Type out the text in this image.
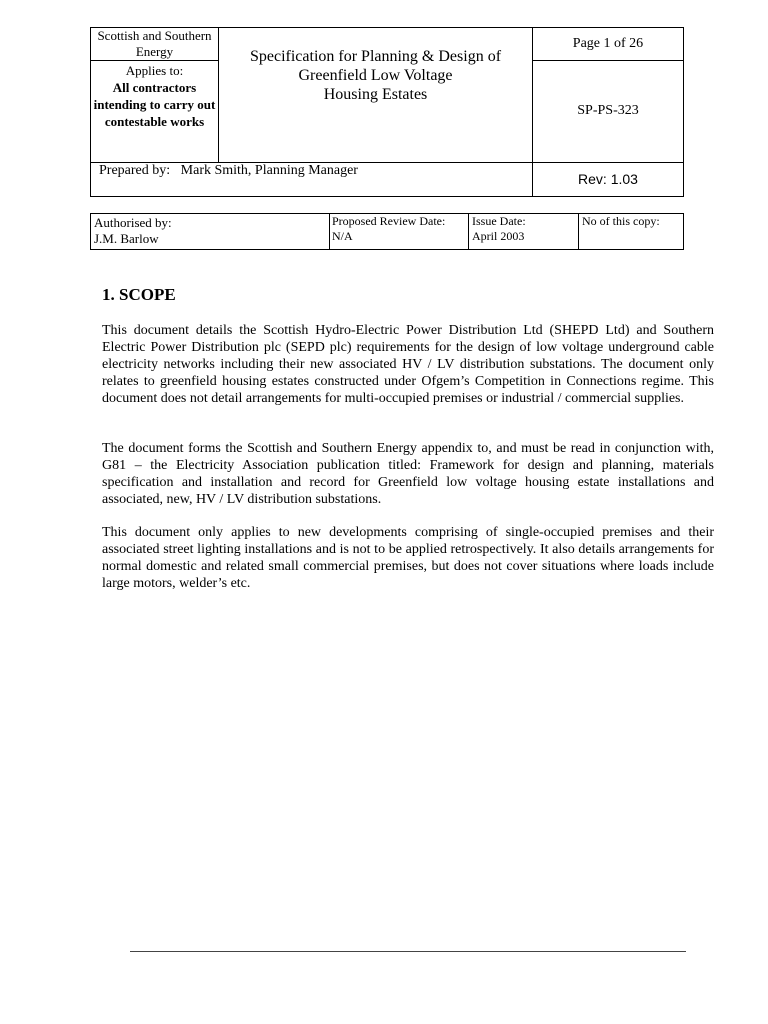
Scottish and Southern Energy	Specification for Planning & Design of
Greenfield Low Voltage
Housing Estates
Page 1 of 26
Applies to:
All contractors intending to carry out contestable works
SP-PS-323
Prepared by: Mark Smith, Planning Manager
Rev: 1.03
Authorised by:
J.M. Barlow
Proposed Review Date:
N/A
Issue Date:
April 2003
No of this copy:
1. SCOPE
This document details the Scottish Hydro-Electric Power Distribution Ltd (SHEPD Ltd) and Southern Electric Power Distribution plc (SEPD plc) requirements for the design of low voltage underground cable electricity networks including their new associated HV / LV distribution substations. The document only relates to greenfield housing estates constructed under Ofgem’s Competition in Connections regime. This document does not detail arrangements for multi-occupied premises or industrial / commercial supplies.
The document forms the Scottish and Southern Energy appendix to, and must be read in conjunction with, G81 – the Electricity Association publication titled: Framework for design and planning, materials specification and installation and record for Greenfield low voltage housing estate installations and associated, new, HV / LV distribution substations.
This document only applies to new developments comprising of single-occupied premises and their associated street lighting installations and is not to be applied retrospectively. It also details arrangements for normal domestic and related small commercial premises, but does not cover situations where loads include large motors, welder’s etc.
